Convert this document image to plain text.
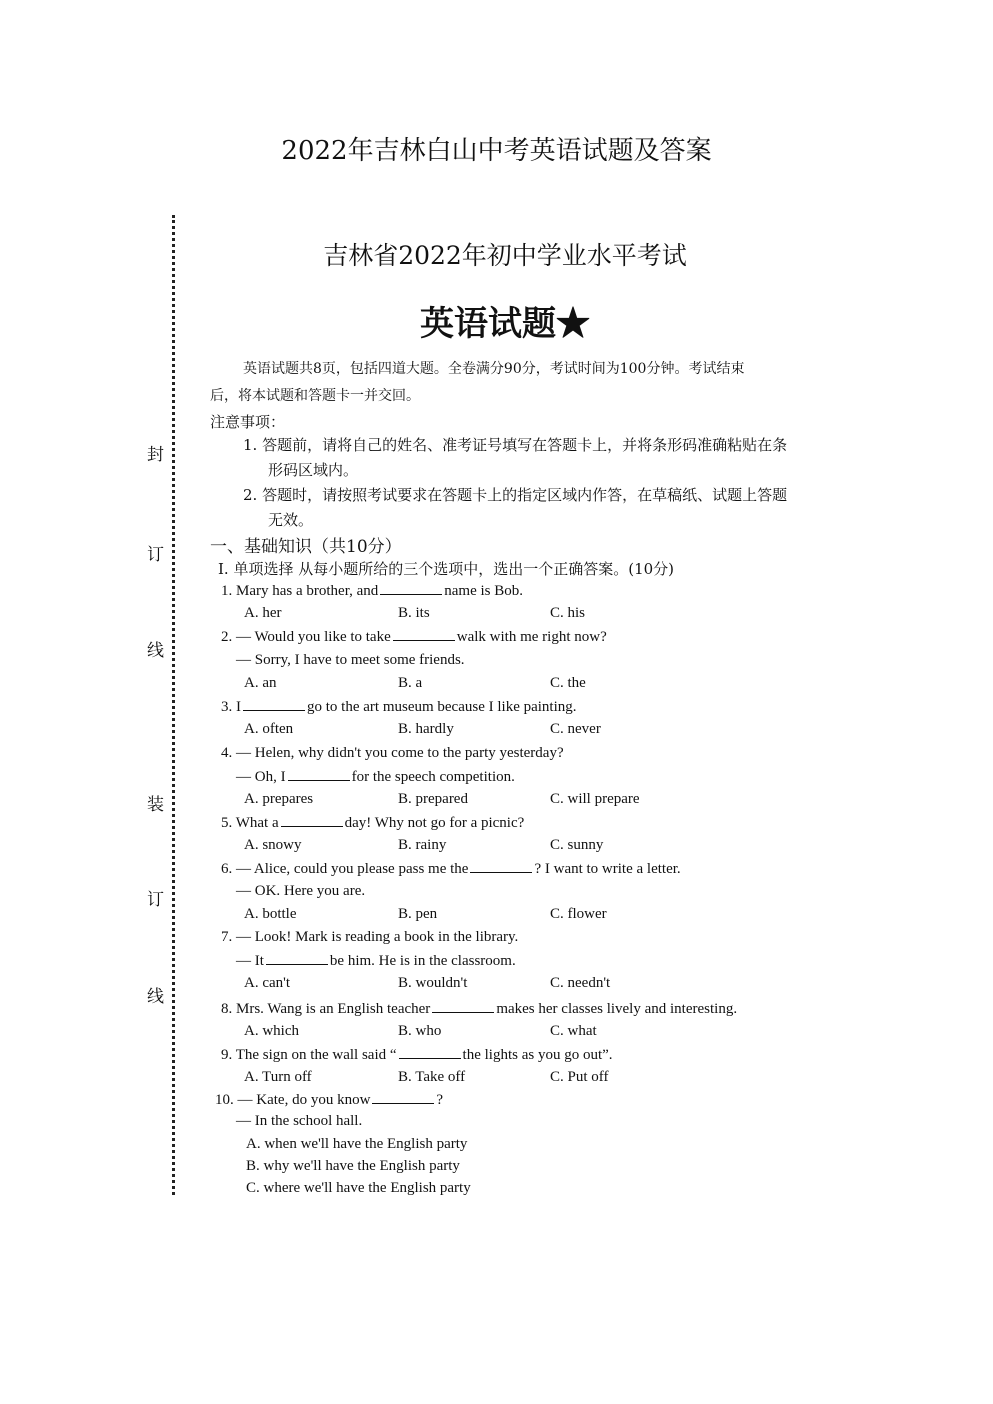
2022年吉林白山中考英语试题及答案
封
订
线
装
订
线
吉林省2022年初中学业水平考试
英语试题★
英语试题共8页，包括四道大题。全卷满分90分，考试时间为100分钟。考试结束
后，将本试题和答题卡一并交回。
注意事项：
1. 答题前，请将自己的姓名、准考证号填写在答题卡上，并将条形码准确粘贴在条
形码区域内。
2. 答题时，请按照考试要求在答题卡上的指定区域内作答，在草稿纸、试题上答题
无效。
一、基础知识（共10分）
Ⅰ. 单项选择 从每小题所给的三个选项中，选出一个正确答案。(10分)
1. Mary has a brother, and	name is Bob.
A. her	B. its	C. his
2. — Would you like to take	walk with me right now?
— Sorry, I have to meet some friends.
A. an	B. a	C. the
3. I	go to the art museum because I like painting.
A. often	B. hardly	C. never
4. — Helen, why didn't you come to the party yesterday?
— Oh, I	for the speech competition.
A. prepares	B. prepared	C. will prepare
5. What a	day! Why not go for a picnic?
A. snowy	B. rainy	C. sunny
6. — Alice, could you please pass me the	? I want to write a letter.
— OK. Here you are.
A. bottle	B. pen	C. flower
7. — Look! Mark is reading a book in the library.
— It	be him. He is in the classroom.
A. can't	B. wouldn't	C. needn't
8. Mrs. Wang is an English teacher	makes her classes lively and interesting.
A. which	B. who	C. what
9. The sign on the wall said “	the lights as you go out”.
A. Turn off	B. Take off	C. Put off
10. — Kate, do you know	?
— In the school hall.
A. when we'll have the English party
B. why we'll have the English party
C. where we'll have the English party
